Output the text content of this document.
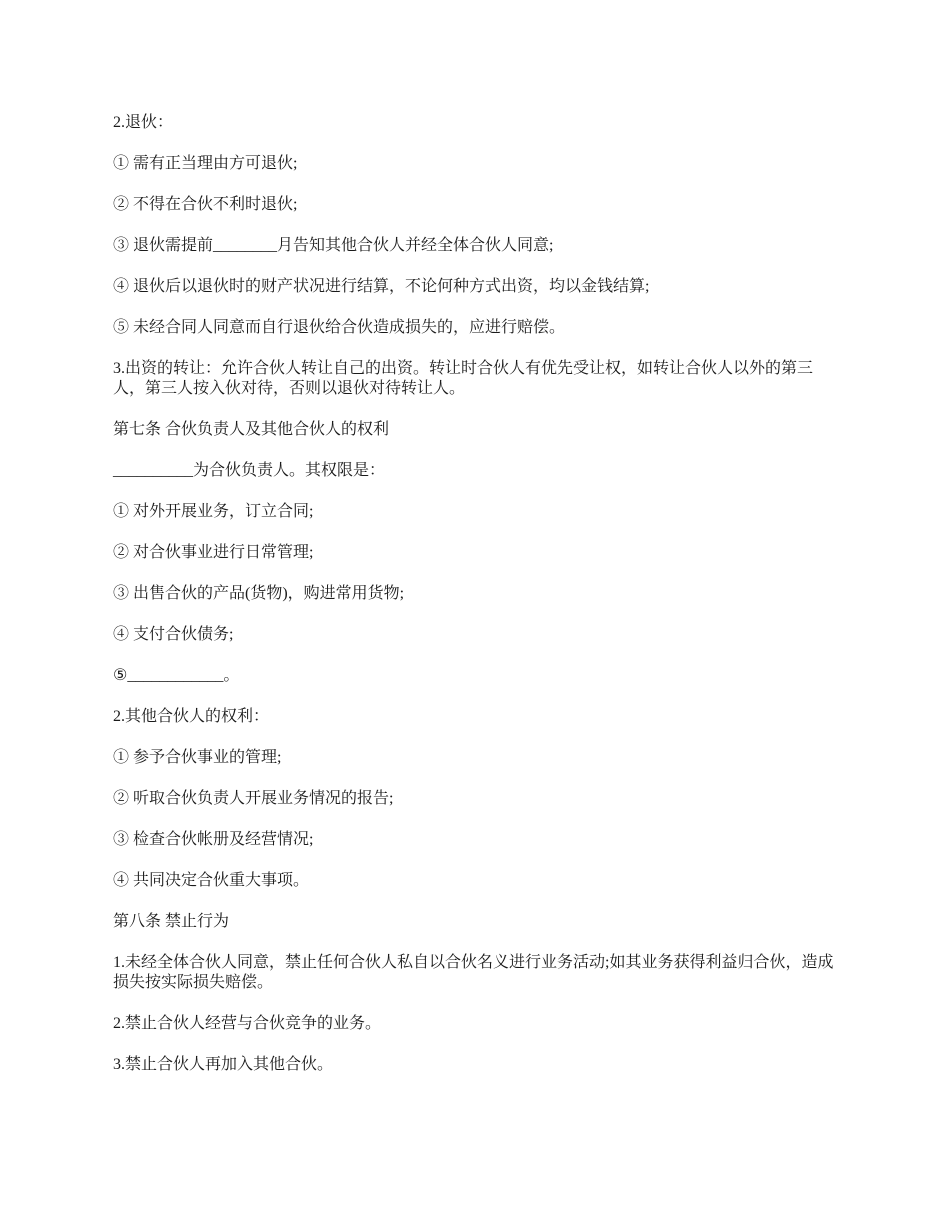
2.退伙：

① 需有正当理由方可退伙;

② 不得在合伙不利时退伙;

③ 退伙需提前________月告知其他合伙人并经全体合伙人同意;

④ 退伙后以退伙时的财产状况进行结算，不论何种方式出资，均以金钱结算;

⑤ 未经合同人同意而自行退伙给合伙造成损失的，应进行赔偿。

3.出资的转让：允许合伙人转让自己的出资。转让时合伙人有优先受让权，如转让合伙人以外的第三人，第三人按入伙对待，否则以退伙对待转让人。

第七条 合伙负责人及其他合伙人的权利

__________为合伙负责人。其权限是：

① 对外开展业务，订立合同;

② 对合伙事业进行日常管理;

③ 出售合伙的产品(货物)，购进常用货物;

④ 支付合伙债务;

⑤____________。

2.其他合伙人的权利：

① 参予合伙事业的管理;

② 听取合伙负责人开展业务情况的报告;

③ 检查合伙帐册及经营情况;

④ 共同决定合伙重大事项。

第八条 禁止行为

1.未经全体合伙人同意，禁止任何合伙人私自以合伙名义进行业务活动;如其业务获得利益归合伙，造成损失按实际损失赔偿。

2.禁止合伙人经营与合伙竞争的业务。

3.禁止合伙人再加入其他合伙。
